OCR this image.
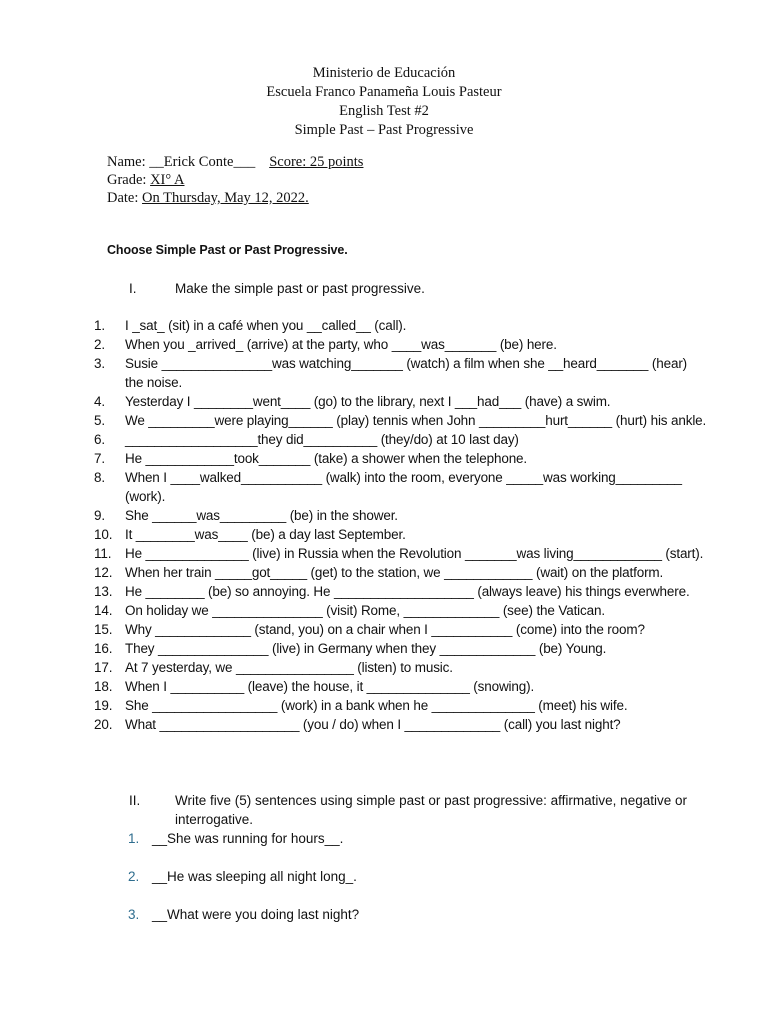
Ministerio de Educación
Escuela Franco Panameña Louis Pasteur
English Test #2
Simple Past – Past Progressive
Name: __Erick Conte___ Score: 25 points
Grade: XI° A
Date: On Thursday, May 12, 2022.
Choose Simple Past or Past Progressive.
I.	Make the simple past or past progressive.
1.	I _sat_ (sit) in a café when you __called__ (call).
2.	When you _arrived_ (arrive) at the party, who ____was_______ (be) here.
3.	Susie _______________was watching_______ (watch) a film when she __heard_______ (hear) the noise.
4.	Yesterday I ________went____ (go) to the library, next I ___had___ (have) a swim.
5.	We _________were playing______ (play) tennis when John _________hurt______ (hurt) his ankle.
6.	__________________they did__________ (they/do) at 10 last day)
7.	He ____________took_______ (take) a shower when the telephone.
8.	When I ____walked___________ (walk) into the room, everyone _____was working_________ (work).
9.	She ______was_________ (be) in the shower.
10. It ________was____ (be) a day last September.
11.	He ______________ (live) in Russia when the Revolution _______was living____________ (start).
12. When her train _____got_____ (get) to the station, we ____________ (wait) on the platform.
13. He ________ (be) so annoying. He ___________________ (always leave) his things everwhere.
14. On holiday we _______________ (visit) Rome, _____________ (see) the Vatican.
15. Why _____________ (stand, you) on a chair when I ___________ (come) into the room?
16. They _______________ (live) in Germany when they _____________ (be) Young.
17. At 7 yesterday, we ________________ (listen) to music.
18. When I __________ (leave) the house, it ______________ (snowing).
19. She _________________ (work) in a bank when he ______________ (meet) his wife.
20. What ___________________ (you / do) when I _____________ (call) you last night?
II.	Write five (5) sentences using simple past or past progressive: affirmative, negative or interrogative.
1. __She was running for hours__.
2. __He was sleeping all night long_.
3. __What were you doing last night?
